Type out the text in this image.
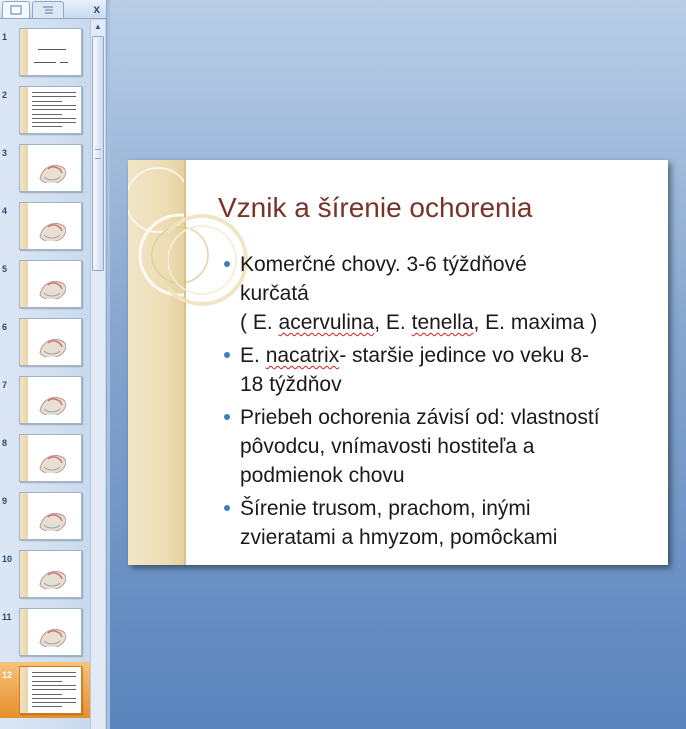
x
1
2
3
4
5
6
7
8
9
10
11
12
▲
Vznik a šírenie ochorenia
Komerčné chovy. 3-6 týždňové
kurčatá
( E. acervulina, E. tenella, E. maxima )
E. nacatrix- staršie jedince vo veku 8-
18 týždňov
Priebeh ochorenia závisí od: vlastností
pôvodcu, vnímavosti hostiteľa a
podmienok chovu
Šírenie trusom, prachom, inými
zvieratami a hmyzom, pomôckami
